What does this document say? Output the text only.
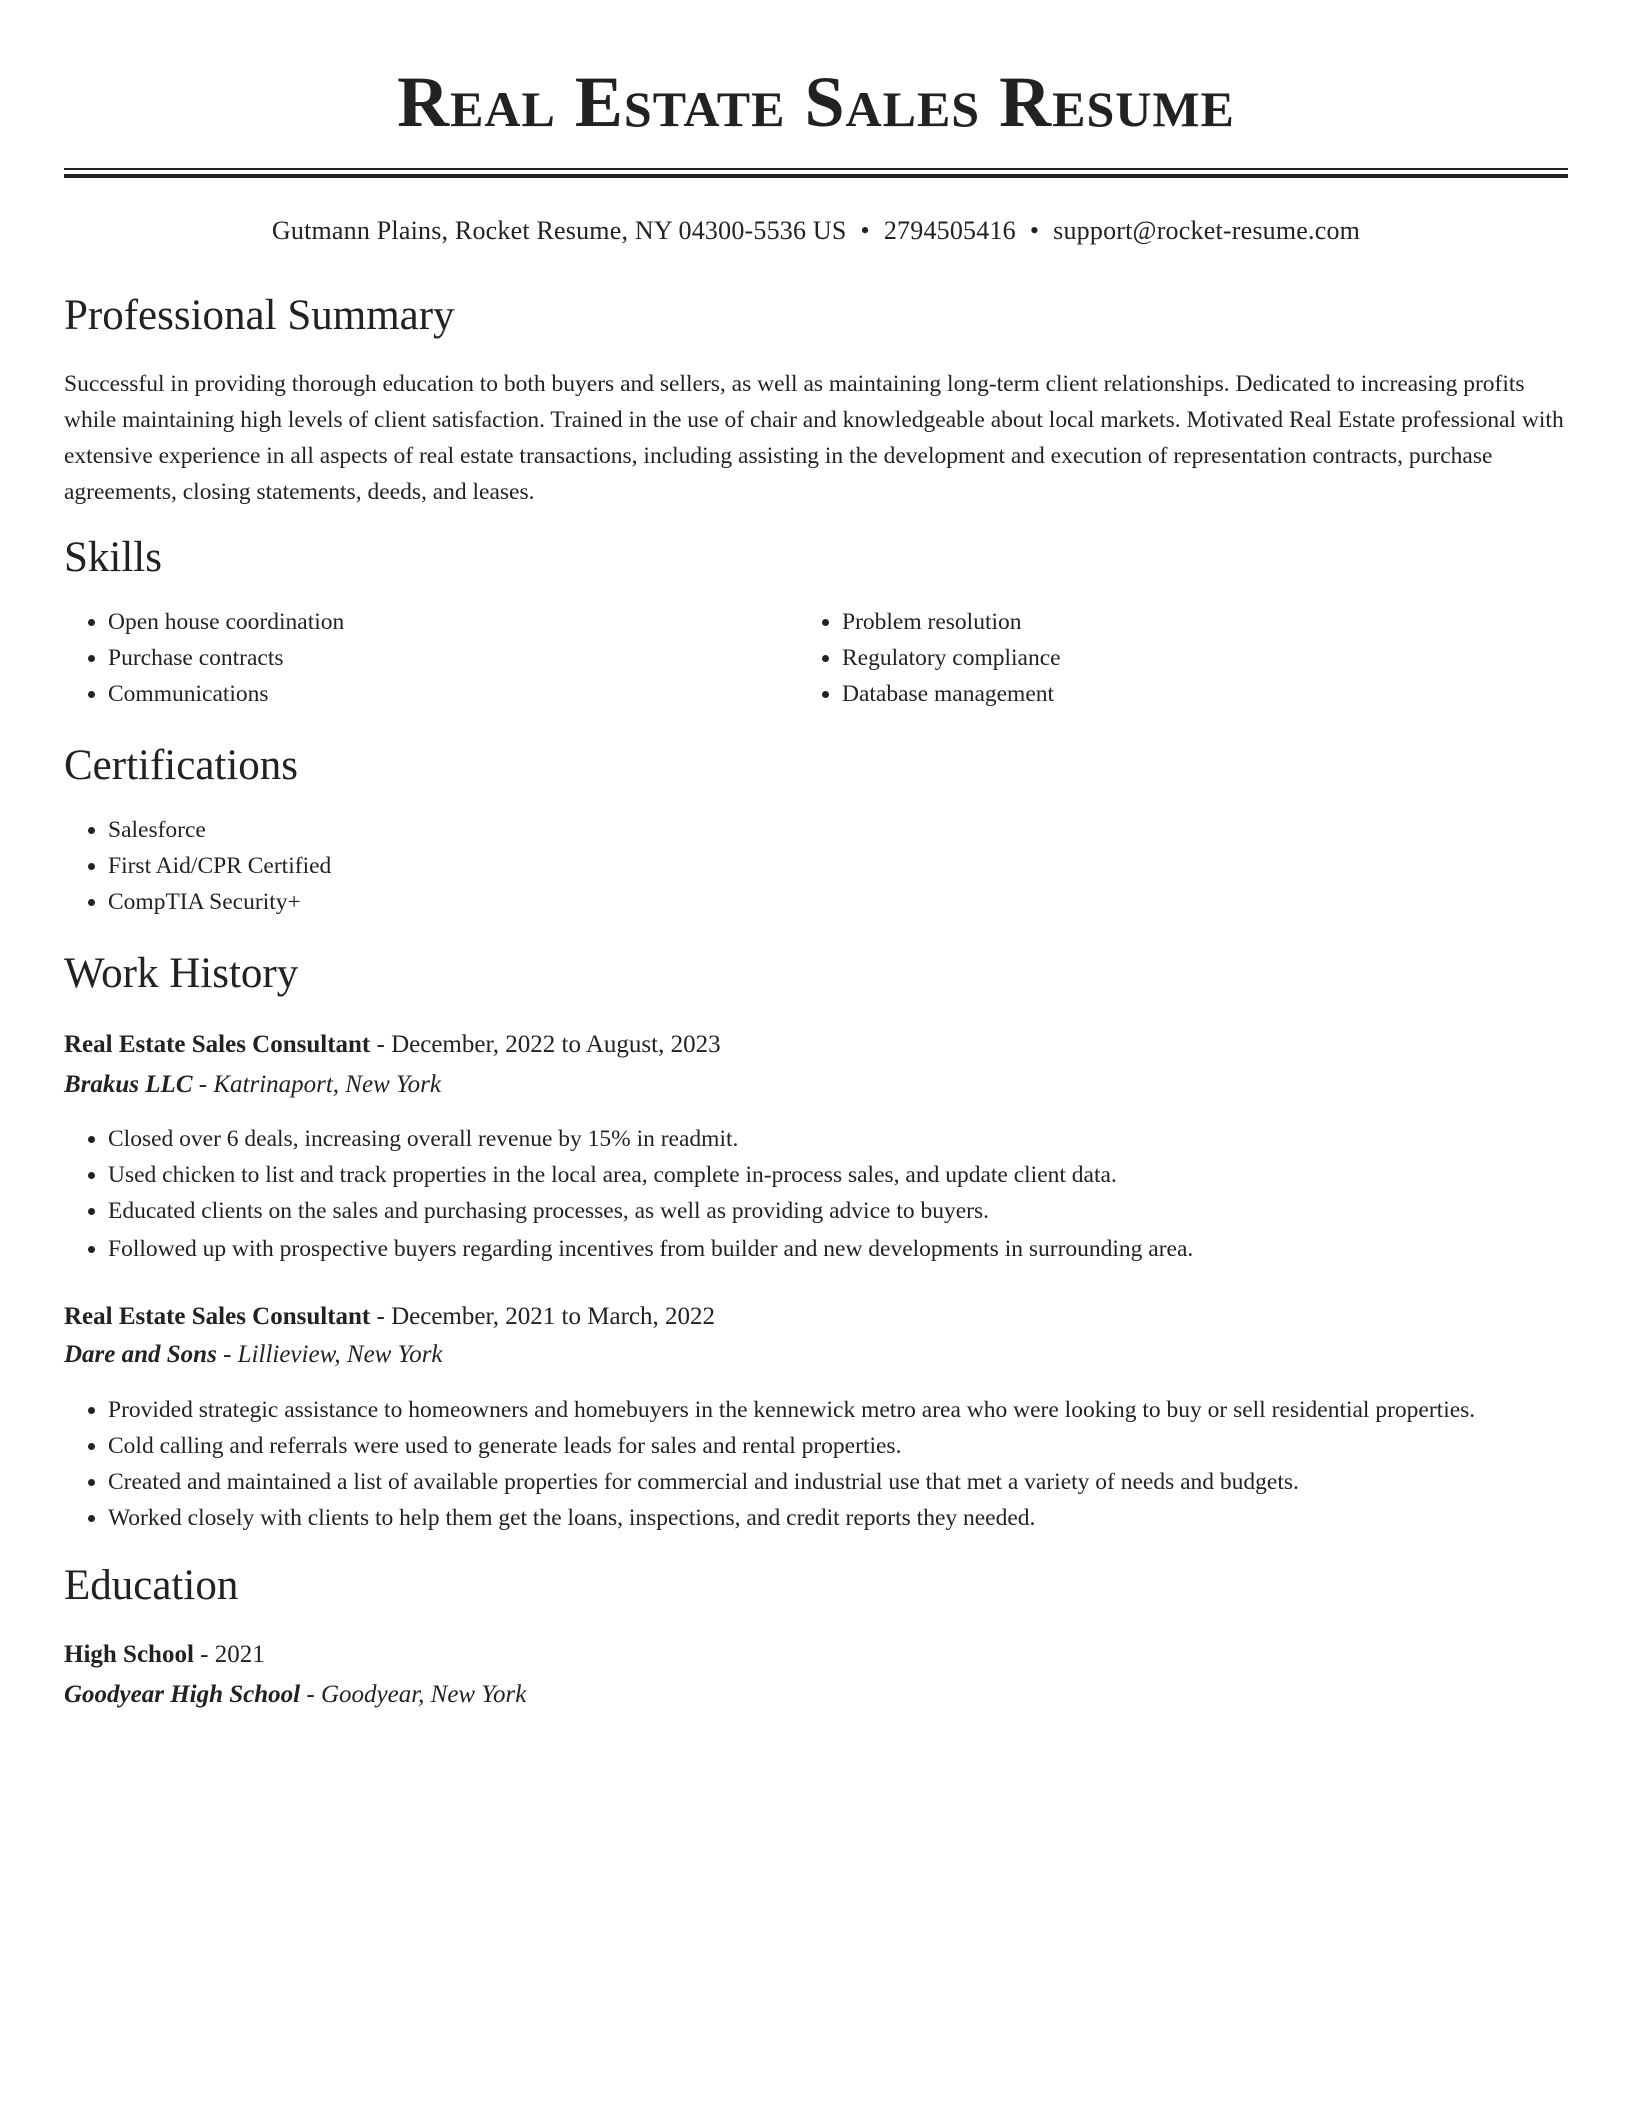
Real Estate Sales Resume
Gutmann Plains, Rocket Resume, NY 04300-5536 US • 2794505416 • support@rocket-resume.com
Professional Summary

Successful in providing thorough education to both buyers and sellers, as well as maintaining long-term client relationships. Dedicated to increasing profits while maintaining high levels of client satisfaction. Trained in the use of chair and knowledgeable about local markets. Motivated Real Estate professional with extensive experience in all aspects of real estate transactions, including assisting in the development and execution of representation contracts, purchase agreements, closing statements, deeds, and leases.

Skills
• Open house coordination
• Purchase contracts
• Communications
• Problem resolution
• Regulatory compliance
• Database management
Certifications
• Salesforce
• First Aid/CPR Certified
• CompTIA Security+
Work History
Real Estate Sales Consultant - December, 2022 to August, 2023
Brakus LLC - Katrinaport, New York
• Closed over 6 deals, increasing overall revenue by 15% in readmit.
• Used chicken to list and track properties in the local area, complete in-process sales, and update client data.
• Educated clients on the sales and purchasing processes, as well as providing advice to buyers.
• Followed up with prospective buyers regarding incentives from builder and new developments in surrounding area.
Real Estate Sales Consultant - December, 2021 to March, 2022
Dare and Sons - Lillieview, New York
• Provided strategic assistance to homeowners and homebuyers in the kennewick metro area who were looking to buy or sell residential properties.
• Cold calling and referrals were used to generate leads for sales and rental properties.
• Created and maintained a list of available properties for commercial and industrial use that met a variety of needs and budgets.
• Worked closely with clients to help them get the loans, inspections, and credit reports they needed.
Education
High School - 2021
Goodyear High School - Goodyear, New York
